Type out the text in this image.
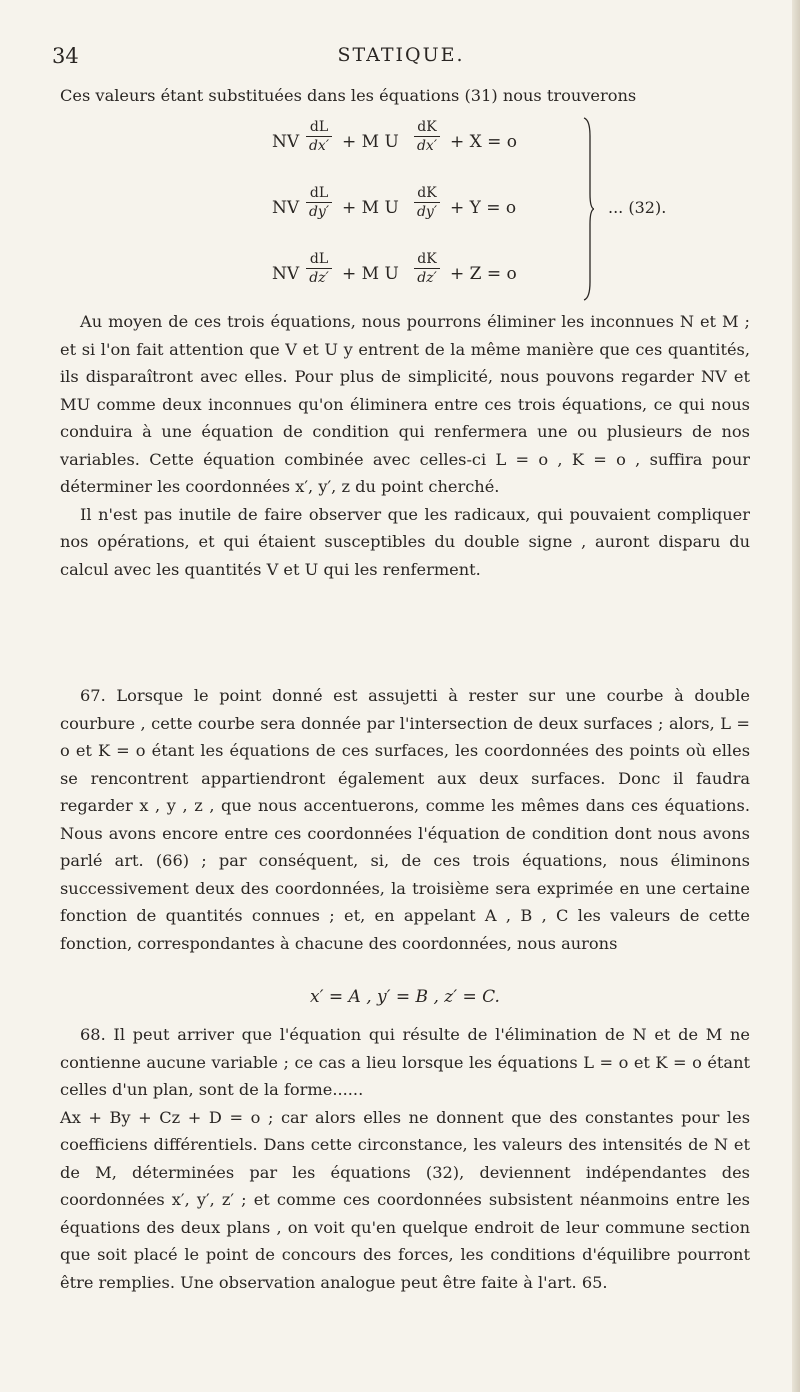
34	STATIQUE.

Ces valeurs étant substituées dans les équations (31) nous trouverons

NV $\frac{dL}{dx'} + M$ U $\frac{dK}{dx'} + X = o$
NV $\frac{dL}{dy'} + M$ U $\frac{dK}{dy'} + Y = o$
NV $\frac{dL}{dz'} + M$ U $\frac{dK}{dz'} + Z = o$
... (32).

Au moyen de ces trois équations, nous pourrons éliminer les inconnues N et M ; et si l'on fait attention que V et U y entrent de la même manière que ces quantités, ils disparaîtront avec elles. Pour plus de simplicité, nous pouvons regarder NV et MU comme deux inconnues qu'on éliminera entre ces trois équations, ce qui nous conduira à une équation de condition qui renfermera une ou plusieurs de nos variables. Cette équation combinée avec celles-ci L = o , K = o , suffira pour déterminer les coordonnées x′, y′, z du point cherché.

Il n'est pas inutile de faire observer que les radicaux, qui pouvaient compliquer nos opérations, et qui étaient susceptibles du double signe , auront disparu du calcul avec les quantités V et U qui les renferment.

67. Lorsque le point donné est assujetti à rester sur une courbe à double courbure , cette courbe sera donnée par l'intersection de deux surfaces ; alors, L = o et K = o étant les équations de ces surfaces, les coordonnées des points où elles se rencontrent appartiendront également aux deux surfaces. Donc il faudra regarder x , y , z , que nous accentuerons, comme les mêmes dans ces équations. Nous avons encore entre ces coordonnées l'équation de condition dont nous avons parlé art. (66) ; par conséquent, si, de ces trois équations, nous éliminons successivement deux des coordonnées, la troisième sera exprimée en une certaine fonction de quantités connues ; et, en appelant A , B , C les valeurs de cette fonction, correspondantes à chacune des coordonnées, nous aurons

x′ = A , y′ = B , z′ = C.

68. Il peut arriver que l'équation qui résulte de l'élimination de N et de M ne contienne aucune variable ; ce cas a lieu lorsque les équations L = o et K = o étant celles d'un plan, sont de la forme......

Ax + By + Cz + D = o ; car alors elles ne donnent que des constantes pour les coefficiens différentiels. Dans cette circonstance, les valeurs des intensités de N et de M, déterminées par les équations (32), deviennent indépendantes des coordonnées x′, y′, z′ ; et comme ces coordonnées subsistent néanmoins entre les équations des deux plans , on voit qu'en quelque endroit de leur commune section que soit placé le point de concours des forces, les conditions d'équilibre pourront être remplies. Une observation analogue peut être faite à l'art. 65.
